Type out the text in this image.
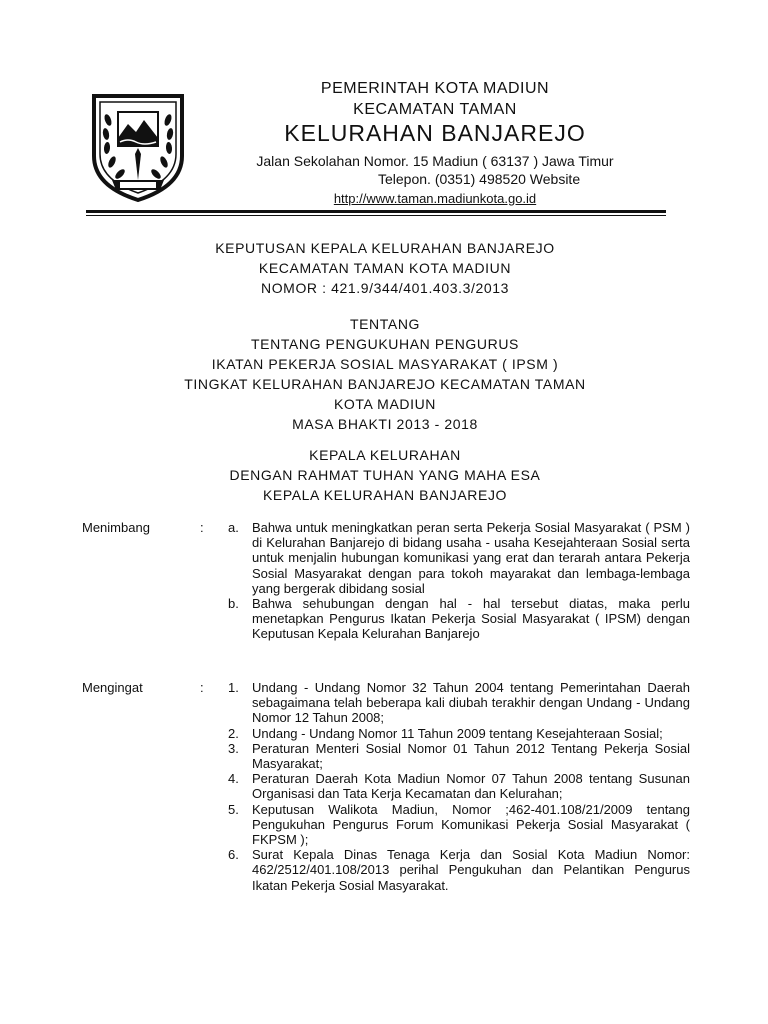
PEMERINTAH KOTA MADIUN
KECAMATAN TAMAN
KELURAHAN BANJAREJO
Jalan Sekolahan Nomor. 15 Madiun ( 63137 ) Jawa Timur
Telepon. (0351) 498520 Website
http://www.taman.madiunkota.go.id
KEPUTUSAN KEPALA KELURAHAN BANJAREJO
KECAMATAN TAMAN KOTA MADIUN
NOMOR : 421.9/344/401.403.3/2013
TENTANG
TENTANG PENGUKUHAN PENGURUS
IKATAN PEKERJA SOSIAL MASYARAKAT ( IPSM )
TINGKAT KELURAHAN BANJAREJO KECAMATAN TAMAN
KOTA MADIUN
MASA BHAKTI 2013 - 2018
KEPALA KELURAHAN
DENGAN RAHMAT TUHAN YANG MAHA ESA
KEPALA KELURAHAN BANJAREJO
Menimbang	: a. Bahwa untuk meningkatkan peran serta Pekerja Sosial Masyarakat ( PSM ) di Kelurahan Banjarejo di bidang usaha - usaha Kesejahteraan Sosial serta untuk menjalin hubungan komunikasi yang erat dan terarah antara Pekerja Sosial Masyarakat dengan para tokoh mayarakat dan lembaga-lembaga yang bergerak dibidang sosial
b. Bahwa sehubungan dengan hal - hal tersebut diatas, maka perlu menetapkan Pengurus Ikatan Pekerja Sosial Masyarakat ( IPSM) dengan Keputusan Kepala Kelurahan Banjarejo
Mengingat	: 1. Undang - Undang Nomor 32 Tahun 2004 tentang Pemerintahan Daerah sebagaimana telah beberapa kali diubah terakhir dengan Undang - Undang Nomor 12 Tahun 2008;
2. Undang - Undang Nomor 11 Tahun 2009 tentang Kesejahteraan Sosial;
3. Peraturan Menteri Sosial Nomor 01 Tahun 2012 Tentang Pekerja Sosial Masyarakat;
4. Peraturan Daerah Kota Madiun Nomor 07 Tahun 2008 tentang Susunan Organisasi dan Tata Kerja Kecamatan dan Kelurahan;
5. Keputusan Walikota Madiun, Nomor ;462-401.108/21/2009 tentang Pengukuhan Pengurus Forum Komunikasi Pekerja Sosial Masyarakat ( FKPSM );
6. Surat Kepala Dinas Tenaga Kerja dan Sosial Kota Madiun Nomor: 462/2512/401.108/2013 perihal Pengukuhan dan Pelantikan Pengurus Ikatan Pekerja Sosial Masyarakat.
